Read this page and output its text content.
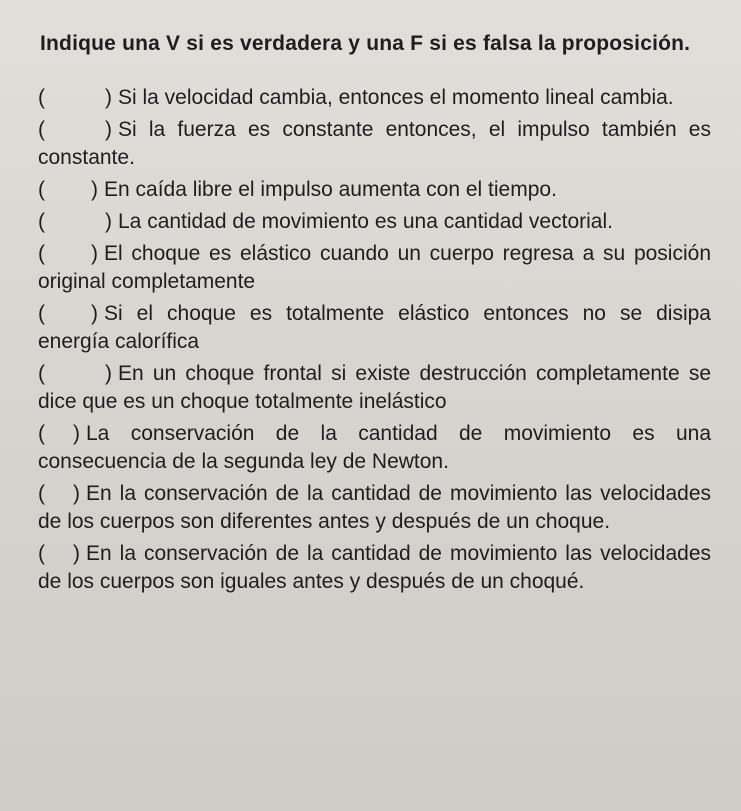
Indique una V si es verdadera y una F si es falsa la proposición.

(	) Si la velocidad cambia, entonces el momento lineal cambia.
(	) Si la fuerza es constante entonces, el impulso también es constante.
( ) En caída libre el impulso aumenta con el tiempo.
(	) La cantidad de movimiento es una cantidad vectorial.
( ) El choque es elástico cuando un cuerpo regresa a su posición original completamente
( ) Si el choque es totalmente elástico entonces no se disipa energía calorífica
(	) En un choque frontal si existe destrucción completamente se dice que es un choque totalmente inelástico
( ) La conservación de la cantidad de movimiento es una consecuencia de la segunda ley de Newton.
( ) En la conservación de la cantidad de movimiento las velocidades de los cuerpos son diferentes antes y después de un choque.
( ) En la conservación de la cantidad de movimiento las velocidades de los cuerpos son iguales antes y después de un choqué.
